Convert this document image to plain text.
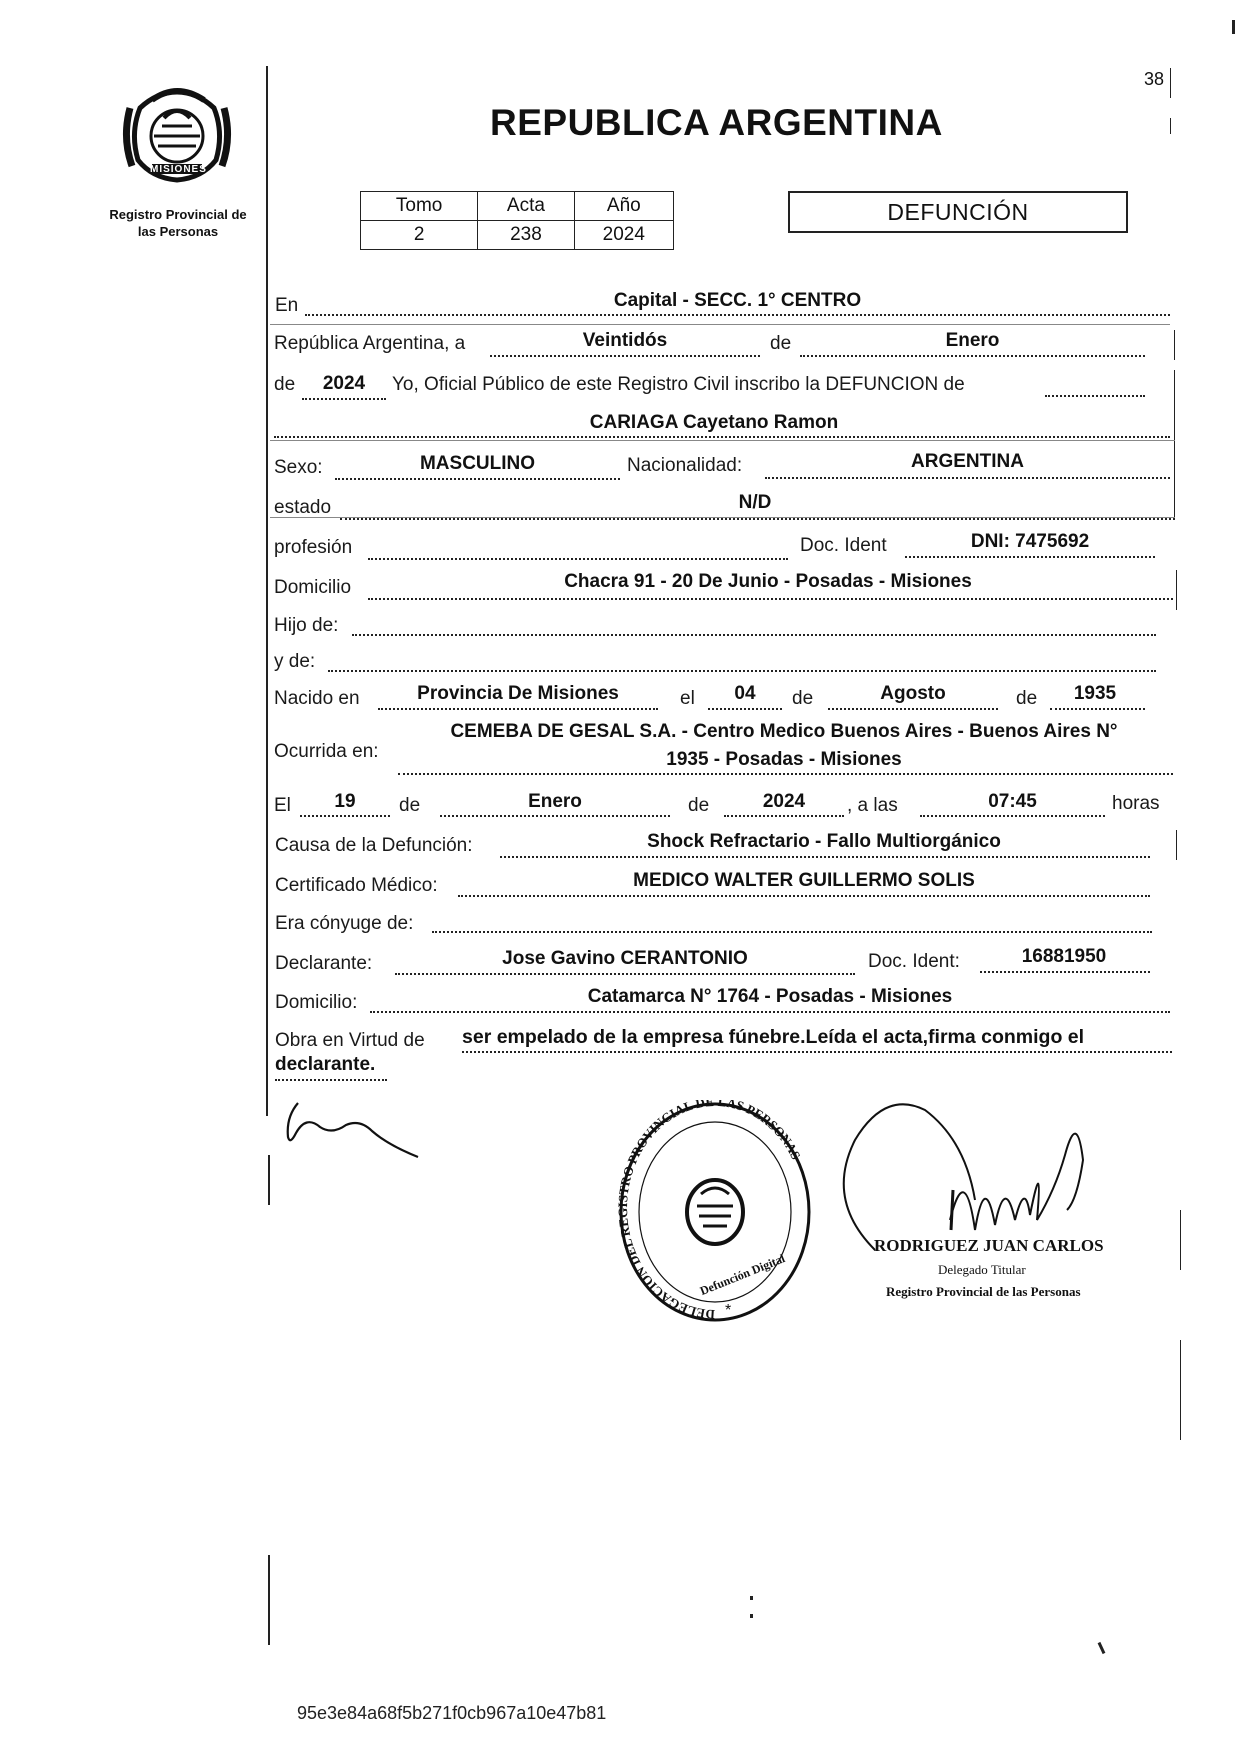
38
PROVINCIA DE
MISIONES
Registro Provincial de
las Personas
REPUBLICA ARGENTINA
Tomo	Acta	Año
2	238	2024
DEFUNCIÓN
En	Capital - SECC. 1° CENTRO
República Argentina, a	Veintidós	de	Enero
de	2024	Yo, Oficial Público de este Registro Civil inscribo la DEFUNCION de
CARIAGA Cayetano Ramon
Sexo:	MASCULINO	Nacionalidad:	ARGENTINA
estado	N/D
profesión	Doc. Ident	DNI: 7475692
Domicilio	Chacra 91 - 20 De Junio - Posadas - Misiones
Hijo de:
y de:
Nacido en	Provincia De Misiones	el	04	de	Agosto	de	1935
Ocurrida en:
CEMEBA DE GESAL S.A. - Centro Medico Buenos Aires - Buenos Aires N°
1935 - Posadas - Misiones
El	19	de	Enero	de	2024	, a las	07:45	horas
Causa de la Defunción:	Shock Refractario - Fallo Multiorgánico
Certificado Médico:	MEDICO WALTER GUILLERMO SOLIS
Era cónyuge de:
Declarante:	Jose Gavino CERANTONIO	Doc. Ident:	16881950
Domicilio:	Catamarca N° 1764 - Posadas - Misiones
Obra en Virtud de ser empelado de la empresa fúnebre.Leída el acta,firma conmigo el
declarante.
DELEGACION DEL REGISTRO PROVINCIAL DE LAS PERSONAS
Defunción Digital
*
RODRIGUEZ JUAN CARLOS
Delegado Titular
Registro Provincial de las Personas
95e3e84a68f5b271f0cb967a10e47b81
